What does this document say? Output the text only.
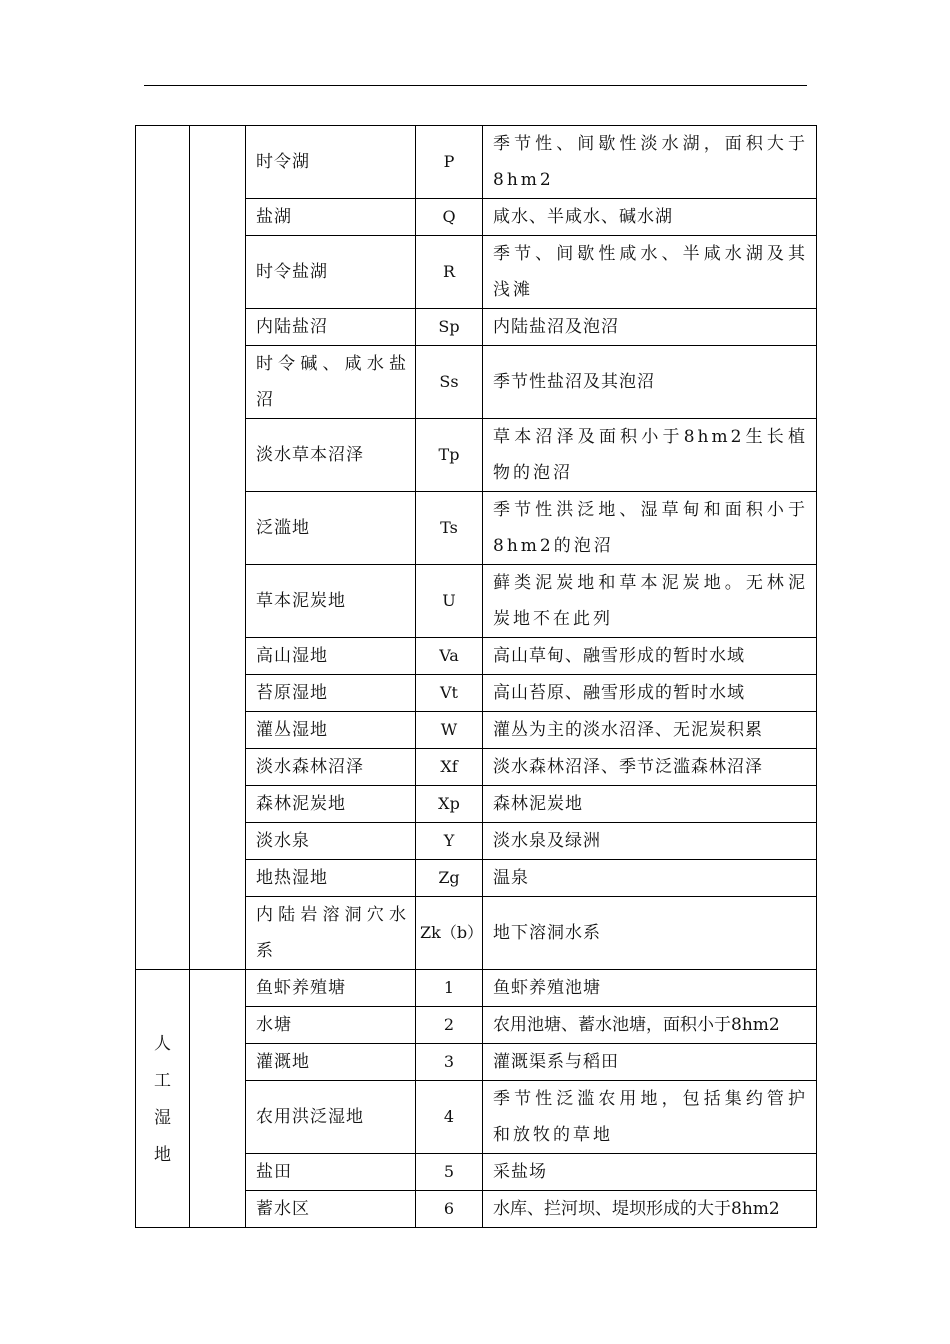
		时令湖	P	季节性、间歇性淡水湖，面积大于8hm2
		盐湖	Q	咸水、半咸水、碱水湖
		时令盐湖	R	季节、间歇性咸水、半咸水湖及其浅滩
		内陆盐沼	Sp	内陆盐沼及泡沼
		时令碱、咸水盐沼	Ss	季节性盐沼及其泡沼
		淡水草本沼泽	Tp	草本沼泽及面积小于8hm2生长植物的泡沼
		泛滥地	Ts	季节性洪泛地、湿草甸和面积小于8hm2的泡沼
		草本泥炭地	U	藓类泥炭地和草本泥炭地。无林泥炭地不在此列
		高山湿地	Va	高山草甸、融雪形成的暂时水域
		苔原湿地	Vt	高山苔原、融雪形成的暂时水域
		灌丛湿地	W	灌丛为主的淡水沼泽、无泥炭积累
		淡水森林沼泽	Xf	淡水森林沼泽、季节泛滥森林沼泽
		森林泥炭地	Xp	森林泥炭地
		淡水泉	Y	淡水泉及绿洲
		地热湿地	Zg	温泉
		内陆岩溶洞穴水系	Zk（b）	地下溶洞水系

人工湿地		鱼虾养殖塘	1	鱼虾养殖池塘
		水塘	2	农用池塘、蓄水池塘，面积小于8hm2
		灌溉地	3	灌溉渠系与稻田
		农用洪泛湿地	4	季节性泛滥农用地，包括集约管护和放牧的草地
		盐田	5	采盐场
		蓄水区	6	水库、拦河坝、堤坝形成的大于8hm2
